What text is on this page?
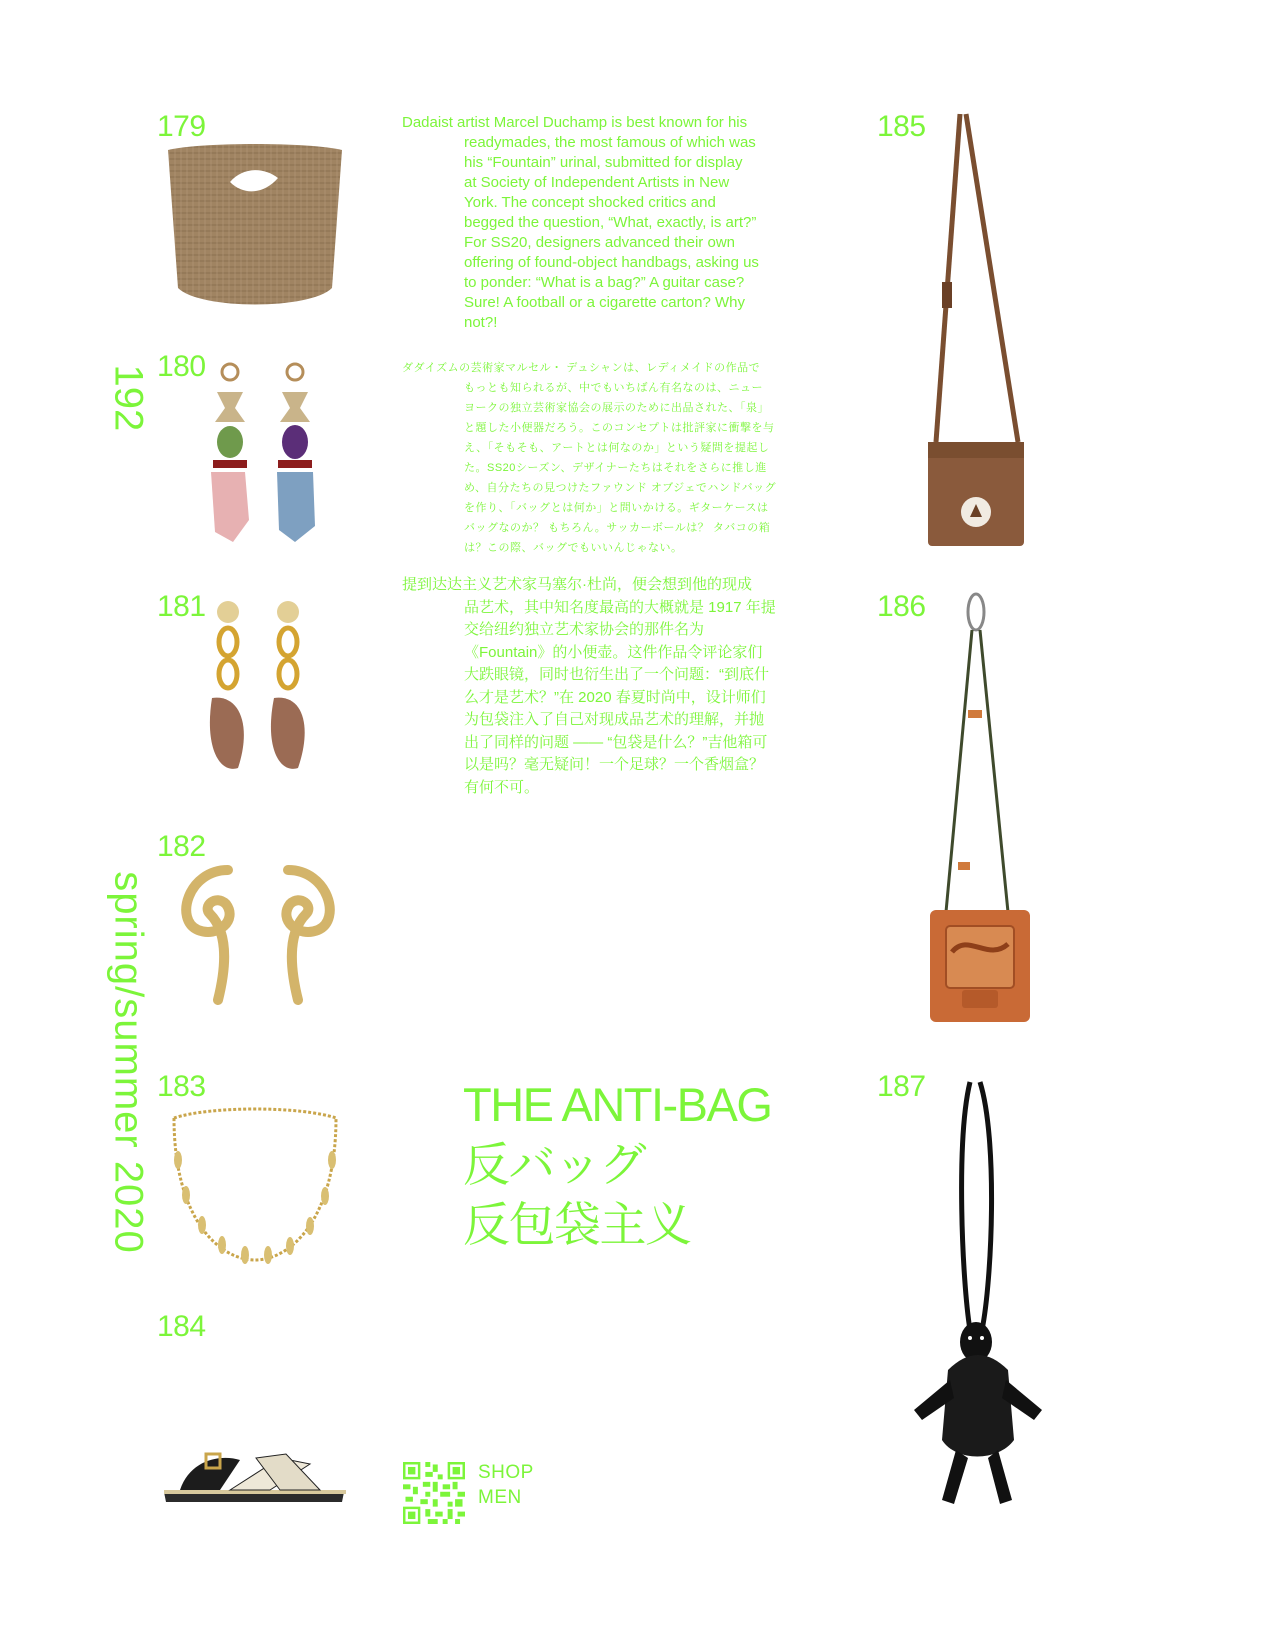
192
spring/summer 2020
179
180
181
182
183
184
185
186
187
Dadaist artist Marcel Duchamp is best known for his
readymades, the most famous of which was
his “Fountain” urinal, submitted for display
at Society of Independent Artists in New
York. The concept shocked critics and
begged the question, “What, exactly, is art?”
For SS20, designers advanced their own
offering of found-object handbags, asking us
to ponder: “What is a bag?” A guitar case?
Sure! A football or a cigarette carton? Why
not?!
ダダイズムの芸術家マルセル・ デュシャンは、レディメイドの作品で
もっとも知られるが、中でもいちばん有名なのは、ニュー
ヨークの独立芸術家協会の展示のために出品された、「泉」
と題した小便器だろう。このコンセプトは批評家に衝撃を与
え、「そもそも、アートとは何なのか」という疑問を提起し
た。SS20シーズン、デザイナーたちはそれをさらに推し進
め、自分たちの見つけたファウンド オブジェでハンドバッグ
を作り、「バッグとは何か」と問いかける。ギターケースは
バッグなのか？ もちろん。サッカーボールは？ タバコの箱
は？この際、バッグでもいいんじゃない。
提到达达主义艺术家马塞尔·杜尚，便会想到他的现成
品艺术，其中知名度最高的大概就是 1917 年提
交给纽约独立艺术家协会的那件名为
《Fountain》的小便壶。这件作品令评论家们
大跌眼镜，同时也衍生出了一个问题：“到底什
么才是艺术？”在 2020 春夏时尚中，设计师们
为包袋注入了自己对现成品艺术的理解，并抛
出了同样的问题 —— “包袋是什么？”吉他箱可
以是吗？毫无疑问！一个足球？一个香烟盒？
有何不可。
THE ANTI-BAG
反バッグ
反包袋主义
SHOP
MEN
